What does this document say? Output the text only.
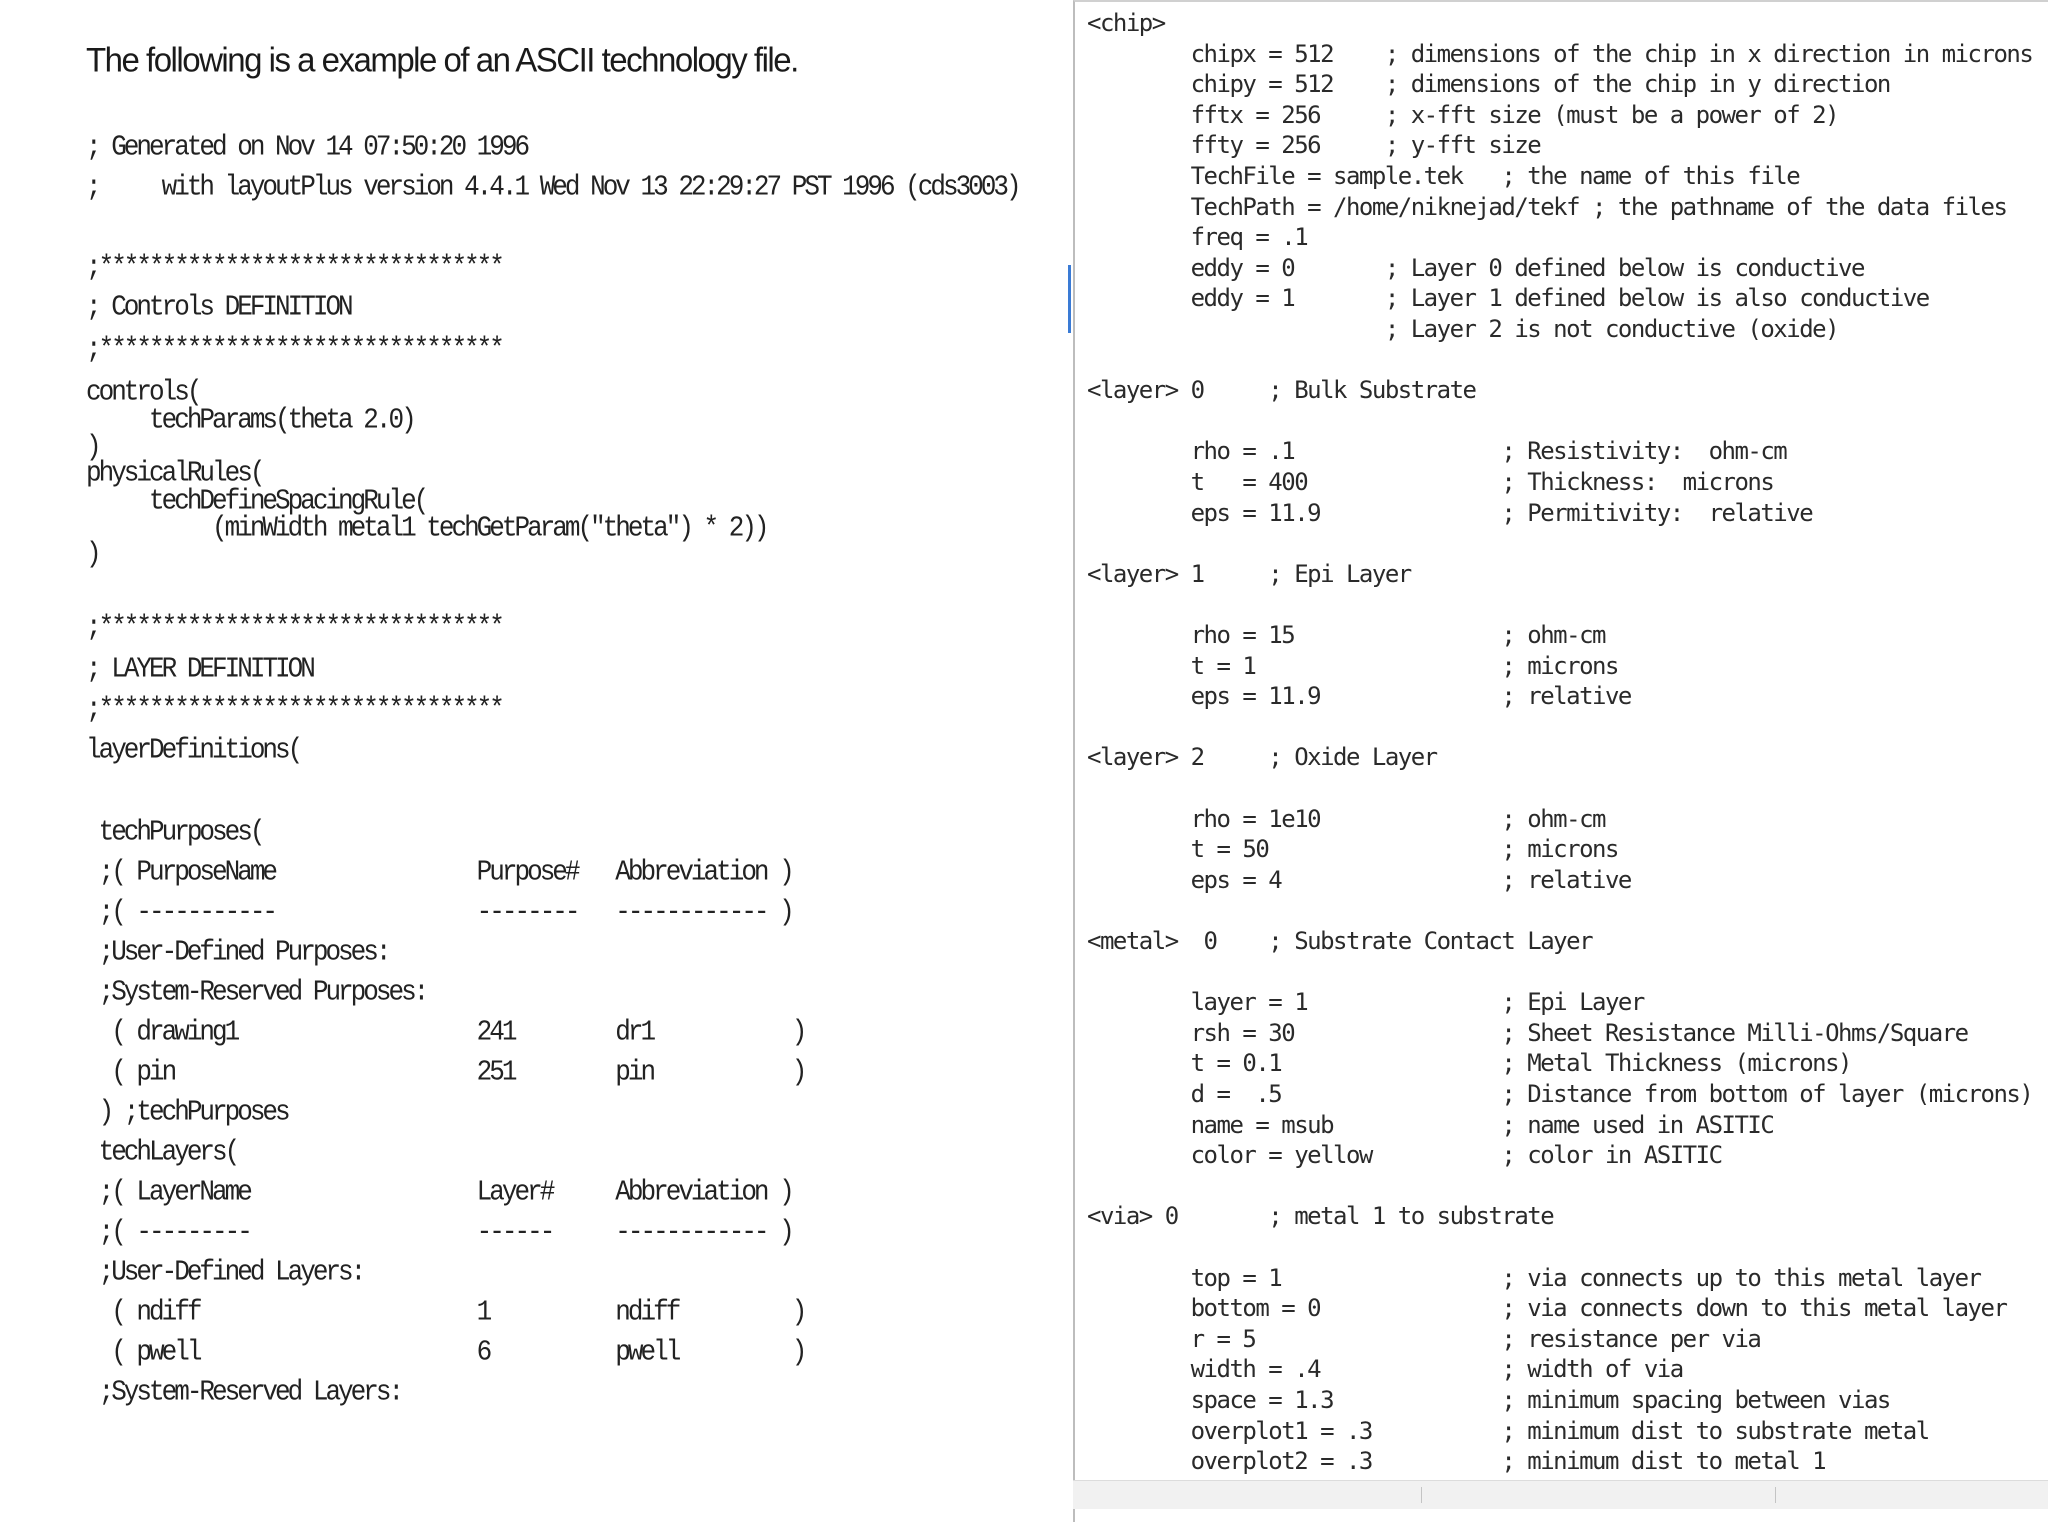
The following is a example of an ASCII technology file.
; Generated on Nov 14 07:50:20 1996
;     with layoutPlus version 4.4.1 Wed Nov 13 22:29:27 PST 1996 (cds3003)
;********************************
; Controls DEFINITION
;********************************
controls(
techParams(theta 2.0)
)
physicalRules(
techDefineSpacingRule(
(minWidth metal1 techGetParam("theta") * 2))
)
;********************************
; LAYER DEFINITION
;********************************
layerDefinitions(
techPurposes(
;( PurposeName                Purpose#   Abbreviation )
;( -----------                --------   ------------ )
;User-Defined Purposes:
;System-Reserved Purposes:
( drawing1                   241        dr1           )
( pin                        251        pin           )
) ;techPurposes
techLayers(
;( LayerName                  Layer#     Abbreviation )
;( ---------                  ------     ------------ )
;User-Defined Layers:
( ndiff                      1          ndiff         )
( pwell                      6          pwell         )
;System-Reserved Layers:
<chip>
chipx = 512    ; dimensions of the chip in x direction in microns
chipy = 512    ; dimensions of the chip in y direction
fftx = 256     ; x-fft size (must be a power of 2)
ffty = 256     ; y-fft size
TechFile = sample.tek   ; the name of this file
TechPath = /home/niknejad/tekf ; the pathname of the data files
freq = .1
eddy = 0       ; Layer 0 defined below is conductive
eddy = 1       ; Layer 1 defined below is also conductive
; Layer 2 is not conductive (oxide)
<layer> 0     ; Bulk Substrate
rho = .1                ; Resistivity:  ohm-cm
t   = 400               ; Thickness:  microns
eps = 11.9              ; Permitivity:  relative
<layer> 1     ; Epi Layer
rho = 15                ; ohm-cm
t = 1                   ; microns
eps = 11.9              ; relative
<layer> 2     ; Oxide Layer
rho = 1e10              ; ohm-cm
t = 50                  ; microns
eps = 4                 ; relative
<metal>  0    ; Substrate Contact Layer
layer = 1               ; Epi Layer
rsh = 30                ; Sheet Resistance Milli-Ohms/Square
t = 0.1                 ; Metal Thickness (microns)
d =  .5                 ; Distance from bottom of layer (microns)
name = msub             ; name used in ASITIC
color = yellow          ; color in ASITIC
<via> 0       ; metal 1 to substrate
top = 1                 ; via connects up to this metal layer
bottom = 0              ; via connects down to this metal layer
r = 5                   ; resistance per via
width = .4              ; width of via
space = 1.3             ; minimum spacing between vias
overplot1 = .3          ; minimum dist to substrate metal
overplot2 = .3          ; minimum dist to metal 1
